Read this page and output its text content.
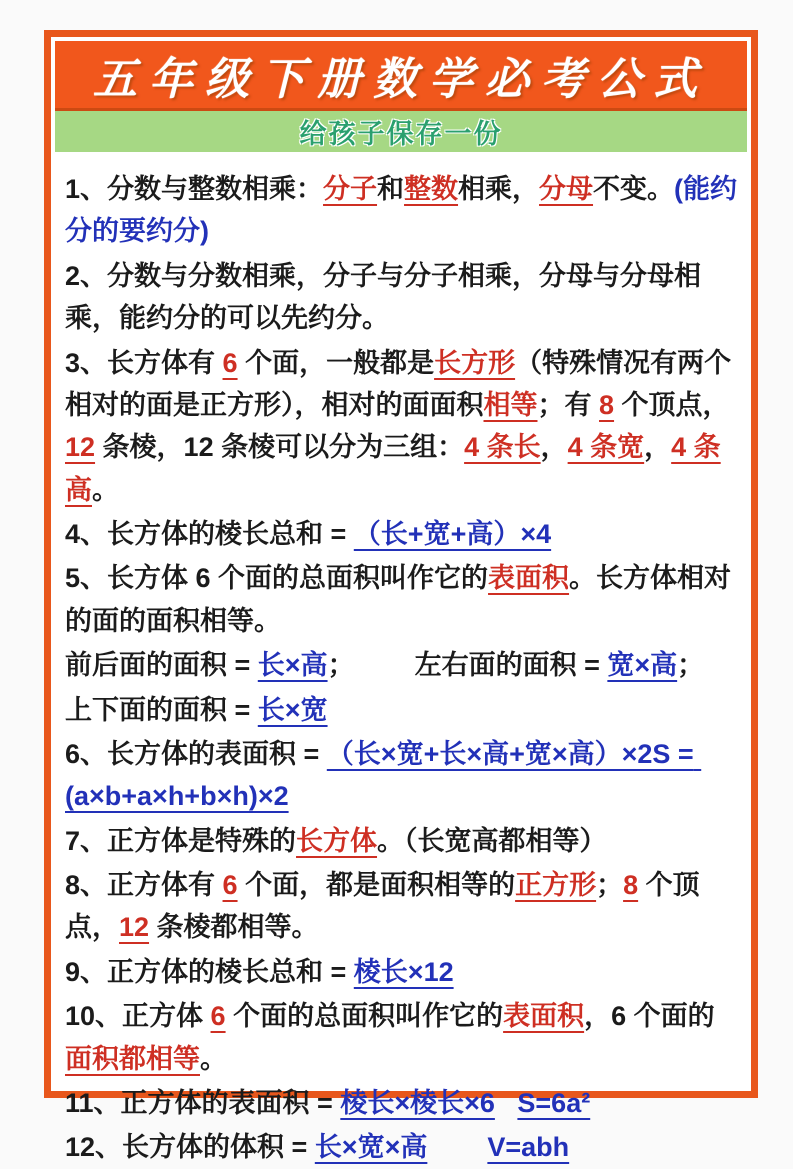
五年级下册数学必考公式
给孩子保存一份

1、分数与整数相乘：分子和整数相乘，分母不变。(能约分的要约分)

2、分数与分数相乘，分子与分子相乘，分母与分母相乘，能约分的可以先约分。

3、长方体有 6 个面，一般都是长方形（特殊情况有两个相对的面是正方形），相对的面面积相等；有 8 个顶点，12 条棱，12 条棱可以分为三组：4 条长，4 条宽，4 条高。

4、长方体的棱长总和 = （长+宽+高）×4

5、长方体 6 个面的总面积叫作它的表面积。长方体相对的面的面积相等。

前后面的面积 = 长×高；        左右面的面积 = 宽×高；

上下面的面积 = 长×宽

6、长方体的表面积 = （长×宽+长×高+宽×高）×2S = (a×b+a×h+b×h)×2

7、正方体是特殊的长方体。（长宽高都相等）

8、正方体有 6 个面，都是面积相等的正方形；8 个顶点，12 条棱都相等。

9、正方体的棱长总和 = 棱长×12

10、正方体 6 个面的总面积叫作它的表面积，6 个面的面积都相等。

11、正方体的表面积 = 棱长×棱长×6 S=6a²

12、长方体的体积 = 长×宽×高 V=abh
